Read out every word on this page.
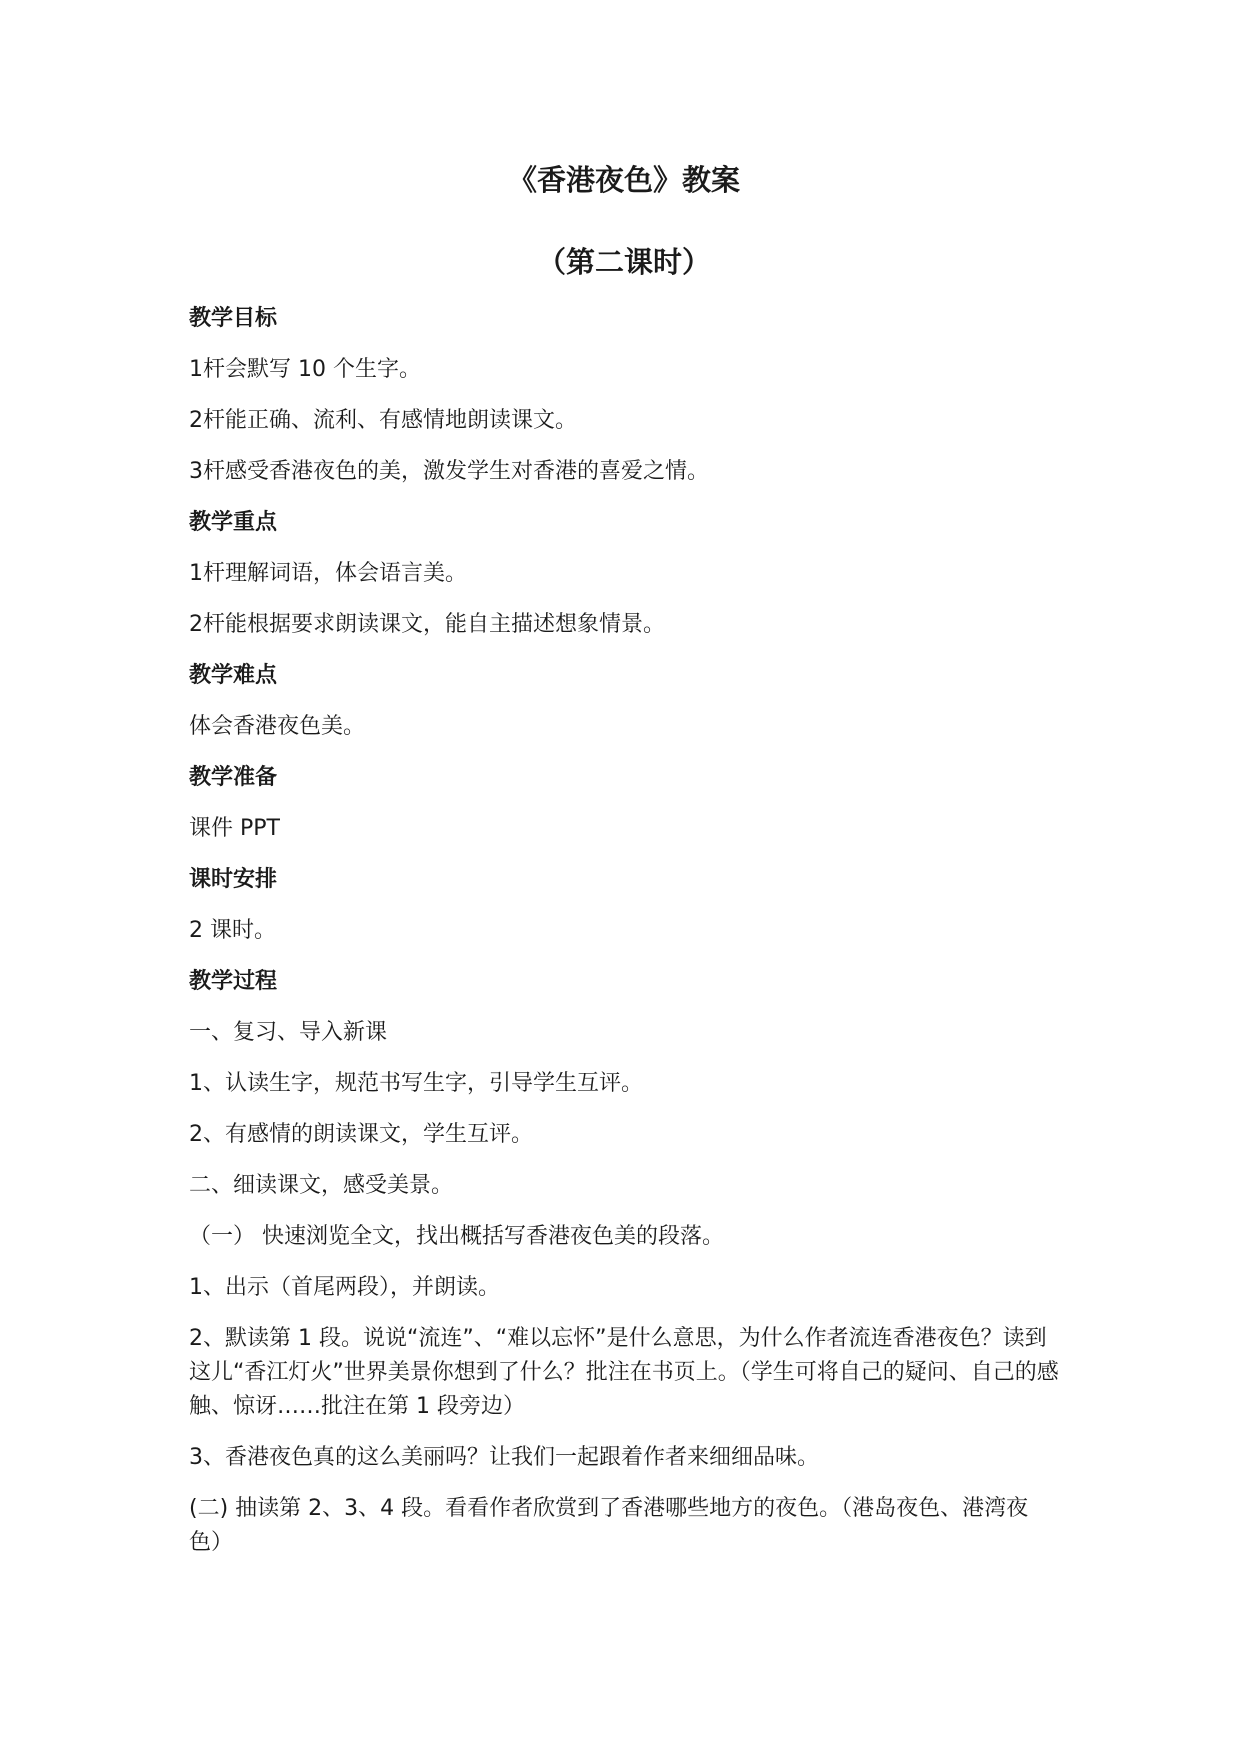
《香港夜色》教案
（第二课时）

教学目标

1杆会默写 10 个生字。

2杆能正确、流利、有感情地朗读课文。

3杆感受香港夜色的美，激发学生对香港的喜爱之情。

教学重点

1杆理解词语，体会语言美。

2杆能根据要求朗读课文，能自主描述想象情景。

教学难点

体会香港夜色美。

教学准备

课件 PPT

课时安排

2 课时。

教学过程

一、复习、导入新课

1、认读生字，规范书写生字，引导学生互评。

2、有感情的朗读课文，学生互评。

二、细读课文，感受美景。

（一） 快速浏览全文，找出概括写香港夜色美的段落。

1、出示（首尾两段），并朗读。

2、默读第 1 段。说说“流连”、“难以忘怀”是什么意思，为什么作者流连香港夜色？读到这儿“香江灯火”世界美景你想到了什么？批注在书页上。（学生可将自己的疑问、自己的感触、惊讶……批注在第 1 段旁边）

3、香港夜色真的这么美丽吗？让我们一起跟着作者来细细品味。

(二) 抽读第 2、3、4 段。看看作者欣赏到了香港哪些地方的夜色。（港岛夜色、港湾夜色）
